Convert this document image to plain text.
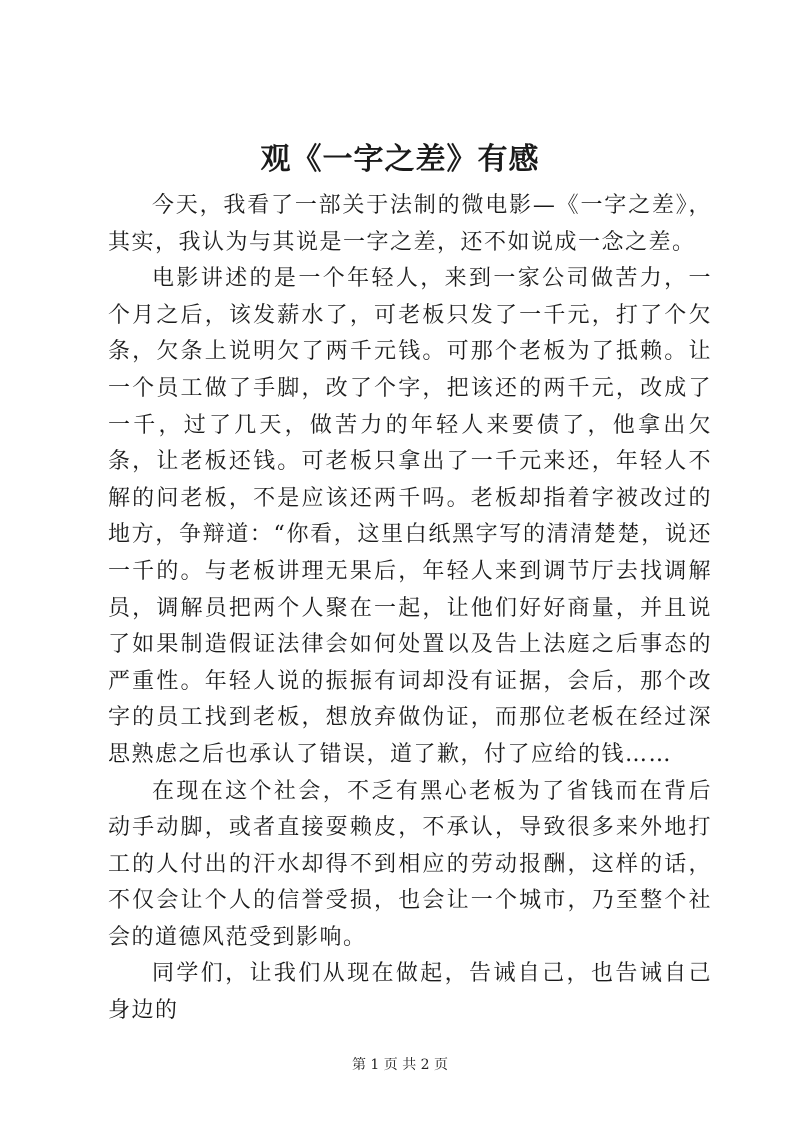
观《一字之差》有感

今天，我看了一部关于法制的微电影—《一字之差》，其实，我认为与其说是一字之差，还不如说成一念之差。

电影讲述的是一个年轻人，来到一家公司做苦力，一个月之后，该发薪水了，可老板只发了一千元，打了个欠条，欠条上说明欠了两千元钱。可那个老板为了抵赖。让一个员工做了手脚，改了个字，把该还的两千元，改成了一千，过了几天，做苦力的年轻人来要债了，他拿出欠条，让老板还钱。可老板只拿出了一千元来还，年轻人不解的问老板，不是应该还两千吗。老板却指着字被改过的地方，争辩道：“你看，这里白纸黑字写的清清楚楚，说还一千的。与老板讲理无果后，年轻人来到调节厅去找调解员，调解员把两个人聚在一起，让他们好好商量，并且说了如果制造假证法律会如何处置以及告上法庭之后事态的严重性。年轻人说的振振有词却没有证据，会后，那个改字的员工找到老板，想放弃做伪证，而那位老板在经过深思熟虑之后也承认了错误，道了歉，付了应给的钱……

在现在这个社会，不乏有黑心老板为了省钱而在背后动手动脚，或者直接耍赖皮，不承认，导致很多来外地打工的人付出的汗水却得不到相应的劳动报酬，这样的话，不仅会让个人的信誉受损，也会让一个城市，乃至整个社会的道德风范受到影响。

同学们，让我们从现在做起，告诫自己，也告诫自己身边的

第 1 页 共 2 页
